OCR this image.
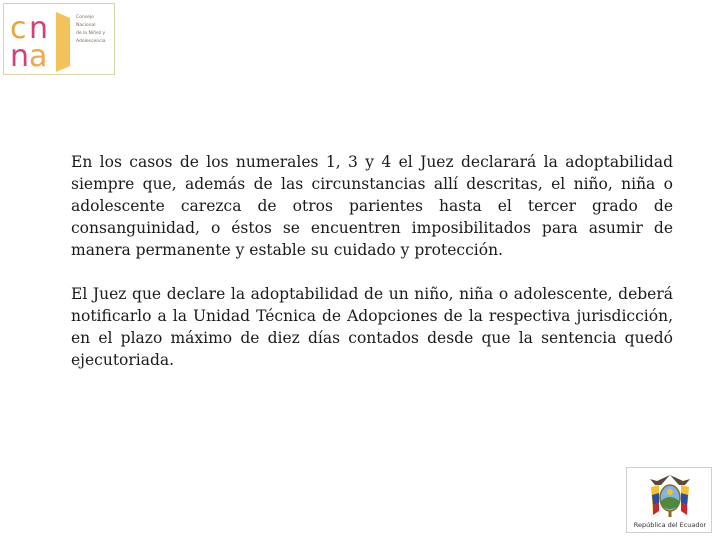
c n
n a
Consejo
Nacional
de la Niñez y
Adolescencia

En los casos de los numerales 1, 3 y 4 el Juez declarará la adoptabilidad siempre que, además de las circunstancias allí descritas, el niño, niña o adolescente carezca de otros parientes hasta el tercer grado de consanguinidad, o éstos se encuentren imposibilitados para asumir de manera permanente y estable su cuidado y protección.

El Juez que declare la adoptabilidad de un niño, niña o adolescente, deberá notificarlo a la Unidad Técnica de Adopciones de la respectiva jurisdicción, en el plazo máximo de diez días contados desde que la sentencia quedó ejecutoriada.

República del Ecuador
